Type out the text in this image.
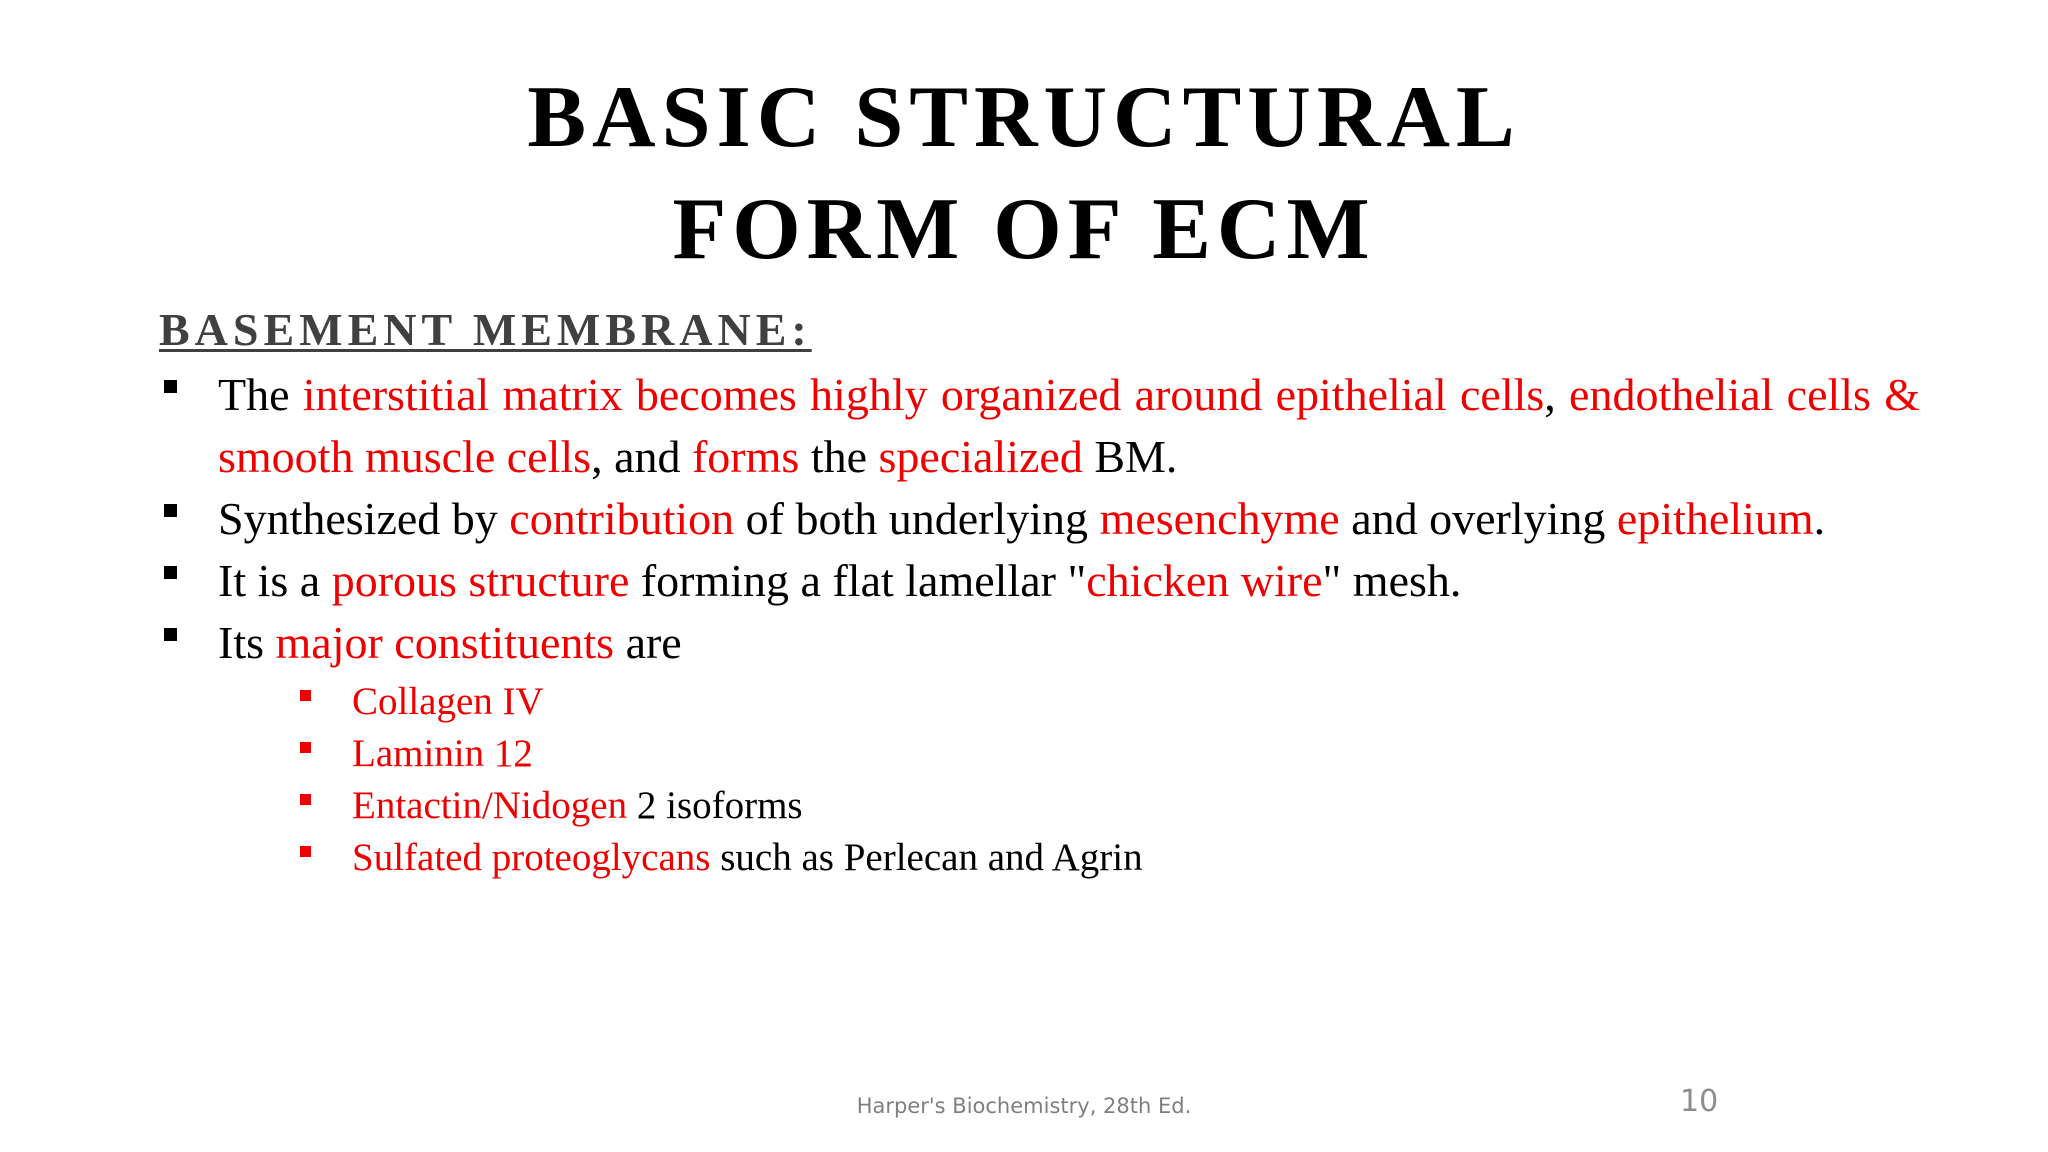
BASIC STRUCTURAL
FORM OF ECM
BASEMENT MEMBRANE:
The interstitial matrix becomes highly organized around epithelial cells, endothelial cells & smooth muscle cells, and forms the specialized BM.
Synthesized by contribution of both underlying mesenchyme and overlying epithelium.
It is a porous structure forming a flat lamellar "chicken wire" mesh.
Its major constituents are
Collagen IV
Laminin 12
Entactin/Nidogen 2 isoforms
Sulfated proteoglycans such as Perlecan and Agrin
Harper's Biochemistry, 28th Ed.	10
